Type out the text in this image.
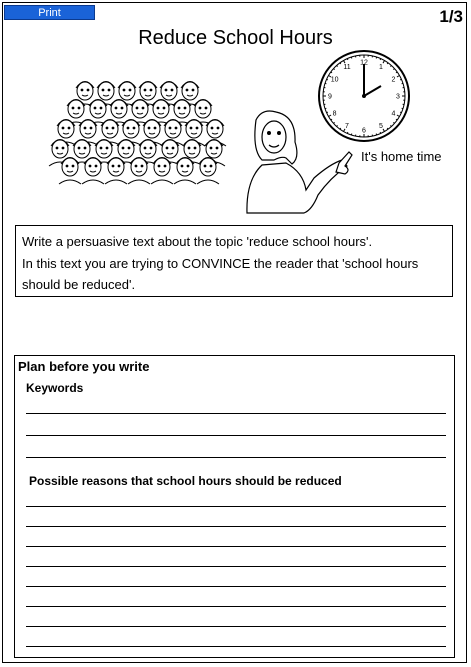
Print	1/3
Reduce School Hours
12
1
2
3
4
5
6
7
8
9
10
11
It's home time

Write a persuasive text about the topic 'reduce school hours'.

In this text you are trying to CONVINCE the reader that 'school hours should be reduced'.

Plan before you write
Keywords
Possible reasons that school hours should be reduced
